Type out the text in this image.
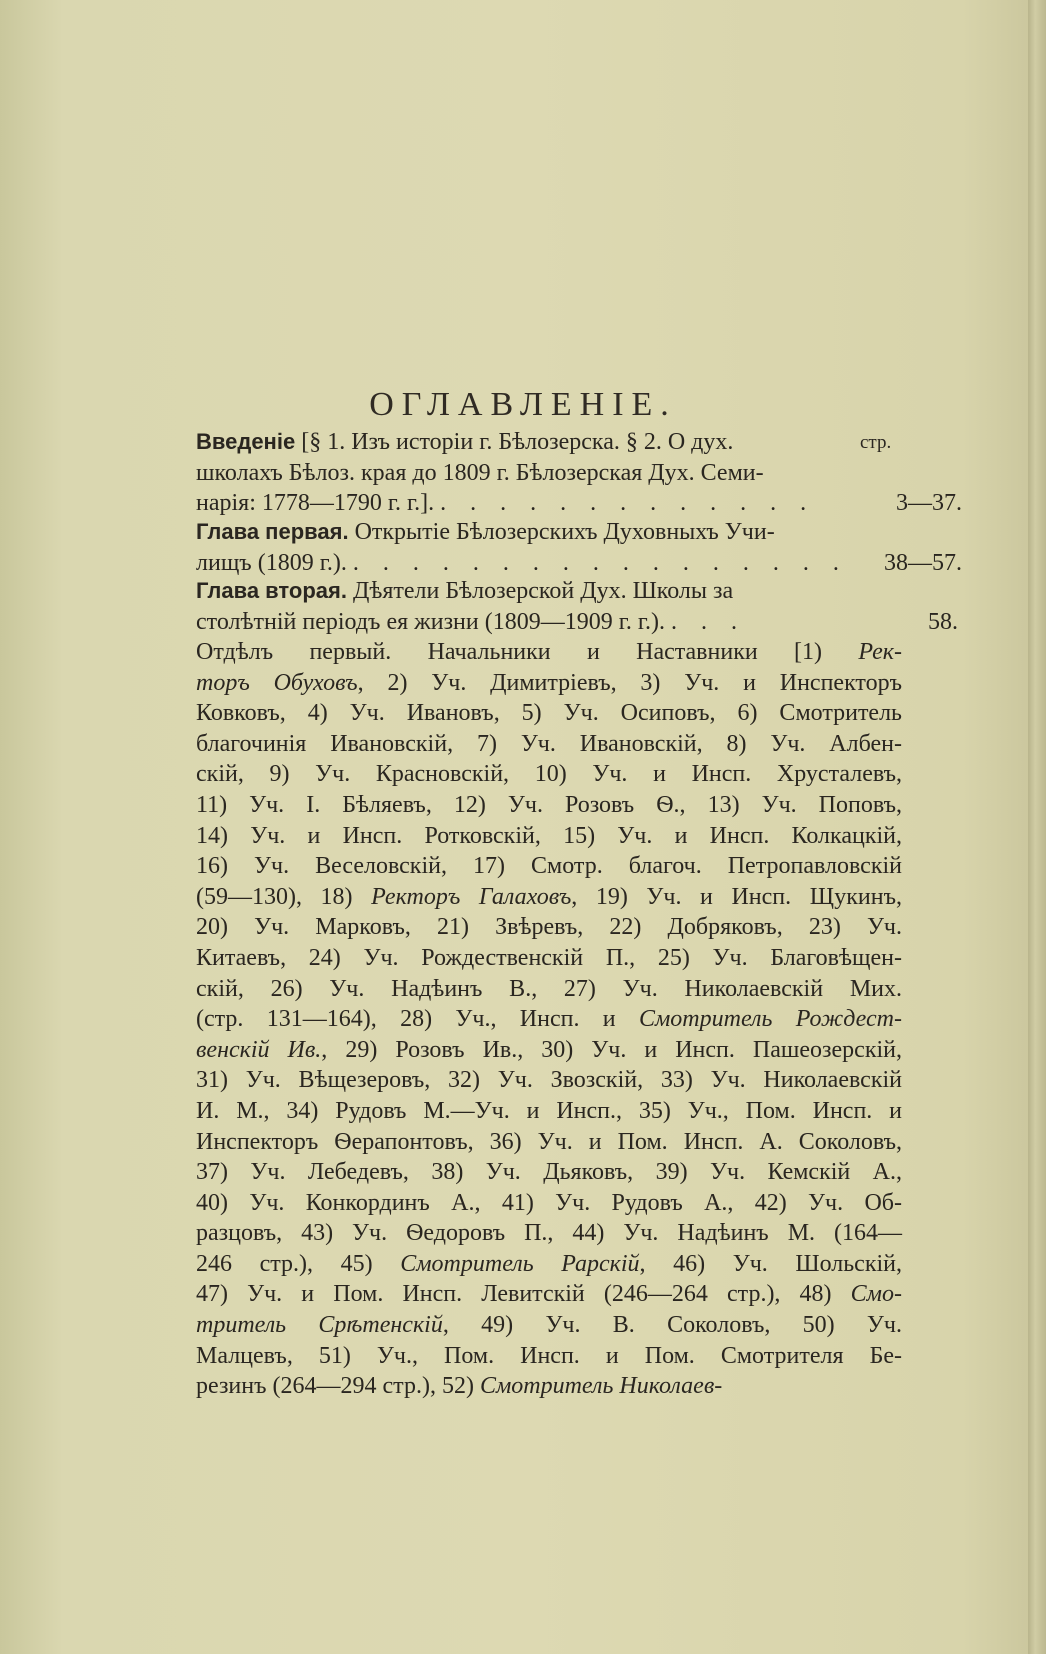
ОГЛАВЛЕНІЕ.
стр.
Введеніе [§ 1. Изъ исторіи г. Бѣлозерска. § 2. О дух.
школахъ Бѣлоз. края до 1809 г. Бѣлозерская Дух. Семи-
нарія: 1778—1790 г. г.]. . . . . . . . . . . . . .	3—37.
Глава первая. Открытіе Бѣлозерскихъ Духовныхъ Учи-
лищъ (1809 г.). . . . . . . . . . . . . . . . . . 38—57.
Глава вторая. Дѣятели Бѣлозерской Дух. Школы за
столѣтній періодъ ея жизни (1809—1909 г. г.). . . .	58.
Отдѣлъ первый. Начальники и Наставники [1) Рек-
торъ Обуховъ, 2) Уч. Димитріевъ, 3) Уч. и Инспекторъ
Ковковъ, 4) Уч. Ивановъ, 5) Уч. Осиповъ, 6) Смотритель
благочинія Ивановскій, 7) Уч. Ивановскій, 8) Уч. Албен-
скій, 9) Уч. Красновскій, 10) Уч. и Инсп. Хрусталевъ,
11) Уч. І. Бѣляевъ, 12) Уч. Розовъ Ѳ., 13) Уч. Поповъ,
14) Уч. и Инсп. Ротковскій, 15) Уч. и Инсп. Колкацкій,
16) Уч. Веселовскій, 17) Смотр. благоч. Петропавловскій
(59—130), 18) Ректоръ Галаховъ, 19) Уч. и Инсп. Щукинъ,
20) Уч. Марковъ, 21) Звѣревъ, 22) Добряковъ, 23) Уч.
Китаевъ, 24) Уч. Рождественскій П., 25) Уч. Благовѣщен-
скій, 26) Уч. Надѣинъ В., 27) Уч. Николаевскій Мих.
(стр. 131—164), 28) Уч., Инсп. и Смотритель Рождест-
венскій Ив., 29) Розовъ Ив., 30) Уч. и Инсп. Пашеозерскій,
31) Уч. Вѣщезеровъ, 32) Уч. Звозскій, 33) Уч. Николаевскій
И. М., 34) Рудовъ М.—Уч. и Инсп., 35) Уч., Пом. Инсп. и
Инспекторъ Ѳерапонтовъ, 36) Уч. и Пом. Инсп. А. Соколовъ,
37) Уч. Лебедевъ, 38) Уч. Дьяковъ, 39) Уч. Кемскій А.,
40) Уч. Конкординъ А., 41) Уч. Рудовъ А., 42) Уч. Об-
разцовъ, 43) Уч. Ѳедоровъ П., 44) Уч. Надѣинъ М. (164—
246 стр.), 45) Смотритель Рарскій, 46) Уч. Шольскій,
47) Уч. и Пом. Инсп. Левитскій (246—264 стр.), 48) Смо-
тритель Срѣтенскій, 49) Уч. В. Соколовъ, 50) Уч.
Малцевъ, 51) Уч., Пом. Инсп. и Пом. Смотрителя Бе-
резинъ (264—294 стр.), 52) Смотритель Николаев-
